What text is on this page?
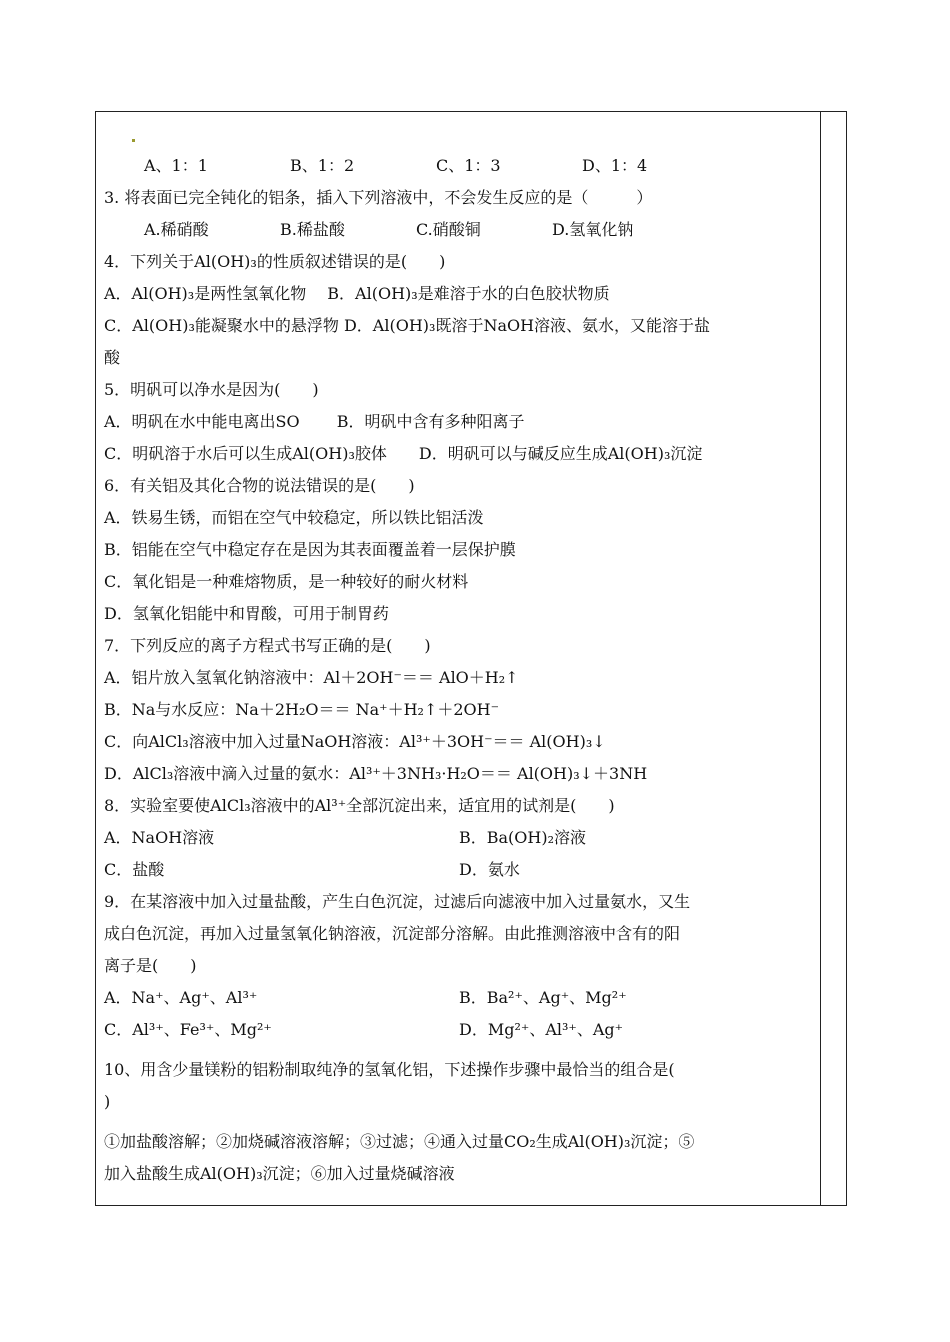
A、1：1	B、1：2	C、1：3	D、1：4
3. 将表面已完全钝化的铝条，插入下列溶液中，不会发生反应的是（　　　）
A.稀硝酸	B.稀盐酸	C.硝酸铜	D.氢氧化钠
4．下列关于Al(OH)₃的性质叙述错误的是(　　)
A．Al(OH)₃是两性氢氧化物　 B．Al(OH)₃是难溶于水的白色胶状物质
C．Al(OH)₃能凝聚水中的悬浮物 D．Al(OH)₃既溶于NaOH溶液、氨水，又能溶于盐
酸
5．明矾可以净水是因为(　　)
A．明矾在水中能电离出SO　　 B．明矾中含有多种阳离子
C．明矾溶于水后可以生成Al(OH)₃胶体　　D．明矾可以与碱反应生成Al(OH)₃沉淀
6．有关铝及其化合物的说法错误的是(　　)
A．铁易生锈，而铝在空气中较稳定，所以铁比铝活泼
B．铝能在空气中稳定存在是因为其表面覆盖着一层保护膜
C．氧化铝是一种难熔物质，是一种较好的耐火材料
D．氢氧化铝能中和胃酸，可用于制胃药
7．下列反应的离子方程式书写正确的是(　　)
A．铝片放入氢氧化钠溶液中：Al＋2OH⁻＝＝ AlO＋H₂↑
B．Na与水反应：Na＋2H₂O＝＝ Na⁺＋H₂↑＋2OH⁻
C．向AlCl₃溶液中加入过量NaOH溶液：Al³⁺＋3OH⁻＝＝ Al(OH)₃↓
D．AlCl₃溶液中滴入过量的氨水：Al³⁺＋3NH₃·H₂O＝＝ Al(OH)₃↓＋3NH
8．实验室要使AlCl₃溶液中的Al³⁺全部沉淀出来，适宜用的试剂是(　　)
A．NaOH溶液	B．Ba(OH)₂溶液
C．盐酸	D．氨水
9．在某溶液中加入过量盐酸，产生白色沉淀，过滤后向滤液中加入过量氨水，又生
成白色沉淀，再加入过量氢氧化钠溶液，沉淀部分溶解。由此推测溶液中含有的阳
离子是(　　)
A．Na⁺、Ag⁺、Al³⁺	B．Ba²⁺、Ag⁺、Mg²⁺
C．Al³⁺、Fe³⁺、Mg²⁺	D．Mg²⁺、Al³⁺、Ag⁺
10、用含少量镁粉的铝粉制取纯净的氢氧化铝，下述操作步骤中最恰当的组合是(
)
①加盐酸溶解；②加烧碱溶液溶解；③过滤；④通入过量CO₂生成Al(OH)₃沉淀；⑤
加入盐酸生成Al(OH)₃沉淀；⑥加入过量烧碱溶液
